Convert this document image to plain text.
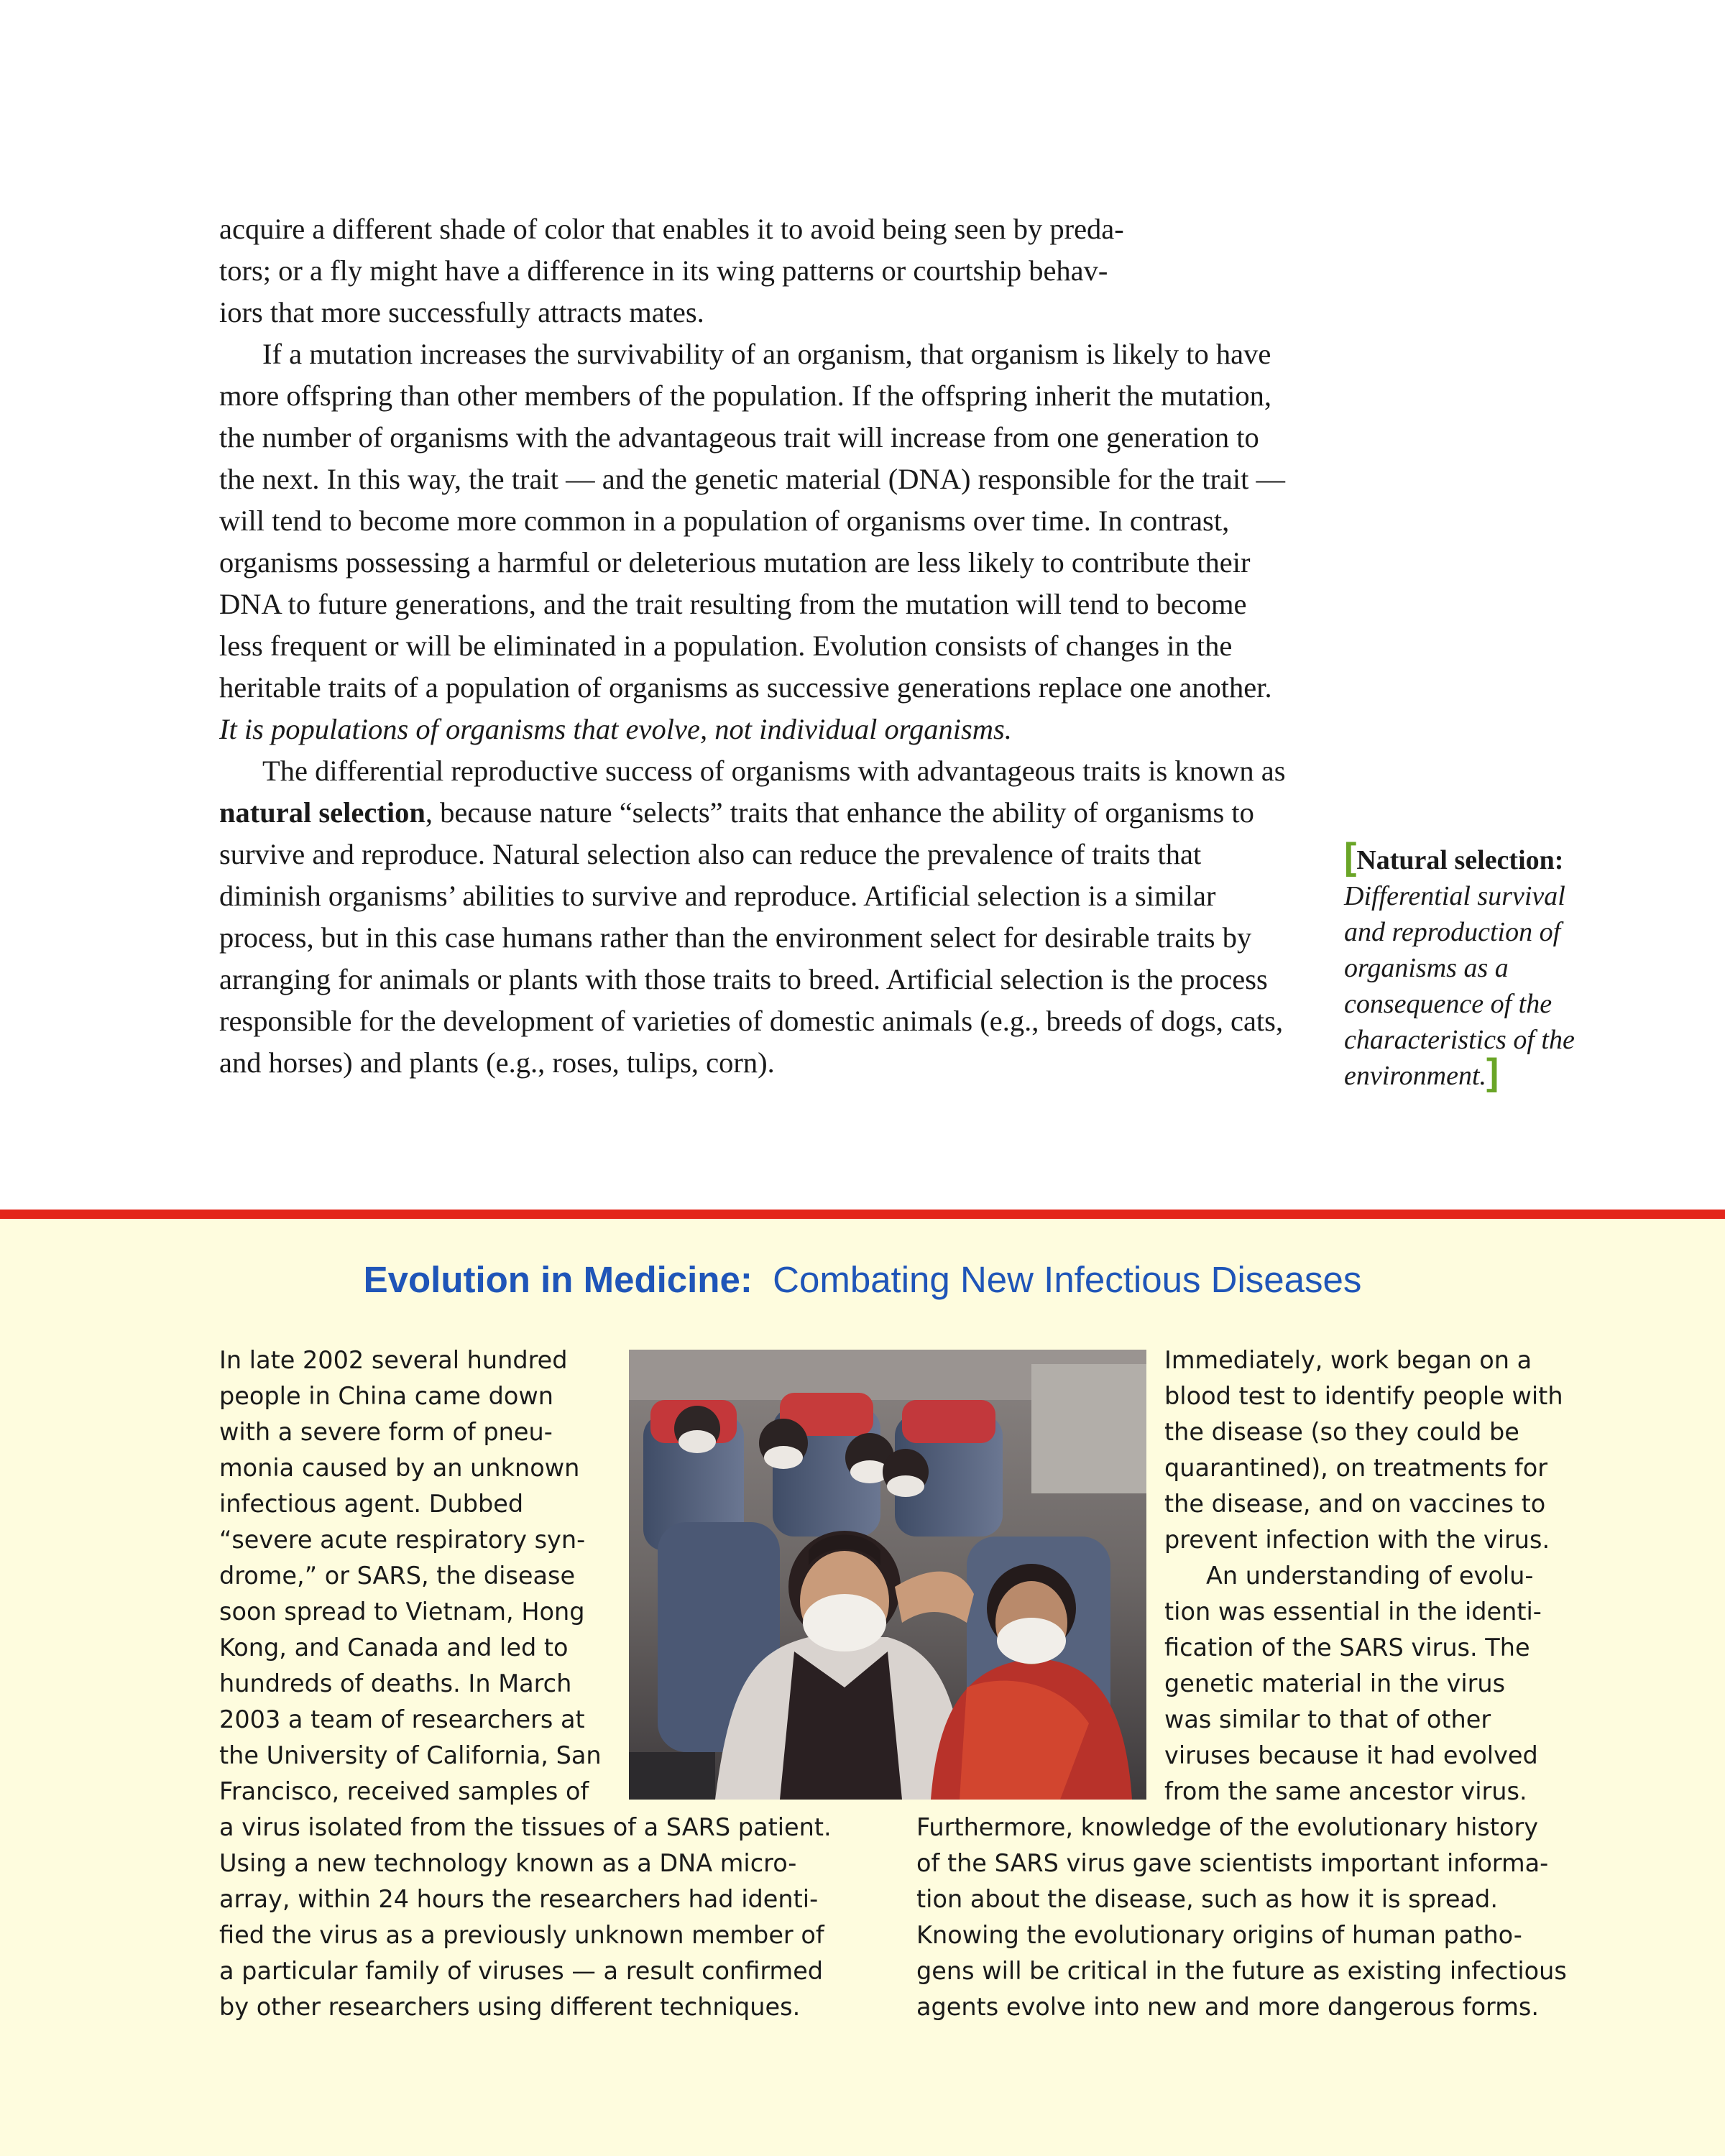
acquire a different shade of color that enables it to avoid being seen by preda-
tors; or a fly might have a difference in its wing patterns or courtship behav-
iors that more successfully attracts mates.

If a mutation increases the survivability of an organism, that organism is likely to have more offspring than other members of the population. If the offspring inherit the mutation, the number of organisms with the advantageous trait will increase from one generation to the next. In this way, the trait — and the genetic material (DNA) responsible for the trait — will tend to become more common in a population of organisms over time. In contrast, organisms possessing a harmful or deleterious mutation are less likely to contribute their DNA to future generations, and the trait resulting from the mutation will tend to become less frequent or will be eliminated in a population. Evolution consists of changes in the heritable traits of a population of organisms as successive generations replace one another. It is populations of organisms that evolve, not individual organisms.

The differential reproductive success of organisms with advantageous traits is known as natural selection, because nature “selects” traits that enhance the ability of organisms to survive and reproduce. Natural selection also can reduce the prevalence of traits that diminish organisms’ abilities to survive and reproduce. Artificial selection is a similar process, but in this case humans rather than the environment select for desirable traits by arranging for animals or plants with those traits to breed. Artificial selection is the process responsible for the development of varieties of domestic animals (e.g., breeds of dogs, cats, and horses) and plants (e.g., roses, tulips, corn).

[Natural selection:
Differential survival and reproduction of organisms as a consequence of the characteristics of the environment.]
Evolution in Medicine: Combating New Infectious Diseases
In late 2002 several hundred
people in China came down
with a severe form of pneu-
monia caused by an unknown
infectious agent. Dubbed
“severe acute respiratory syn-
drome,” or SARS, the disease
soon spread to Vietnam, Hong
Kong, and Canada and led to
hundreds of deaths. In March
2003 a team of researchers at
the University of California, San
Francisco, received samples of
Immediately, work began on a
blood test to identify people with
the disease (so they could be
quarantined), on treatments for
the disease, and on vaccines to
prevent infection with the virus.
An understanding of evolu-
tion was essential in the identi-
fication of the SARS virus. The
genetic material in the virus
was similar to that of other
viruses because it had evolved
from the same ancestor virus.
a virus isolated from the tissues of a SARS patient.
Using a new technology known as a DNA micro-
array, within 24 hours the researchers had identi-
fied the virus as a previously unknown member of
a particular family of viruses — a result confirmed
by other researchers using different techniques.
Furthermore, knowledge of the evolutionary history
of the SARS virus gave scientists important informa-
tion about the disease, such as how it is spread.
Knowing the evolutionary origins of human patho-
gens will be critical in the future as existing infectious
agents evolve into new and more dangerous forms.
